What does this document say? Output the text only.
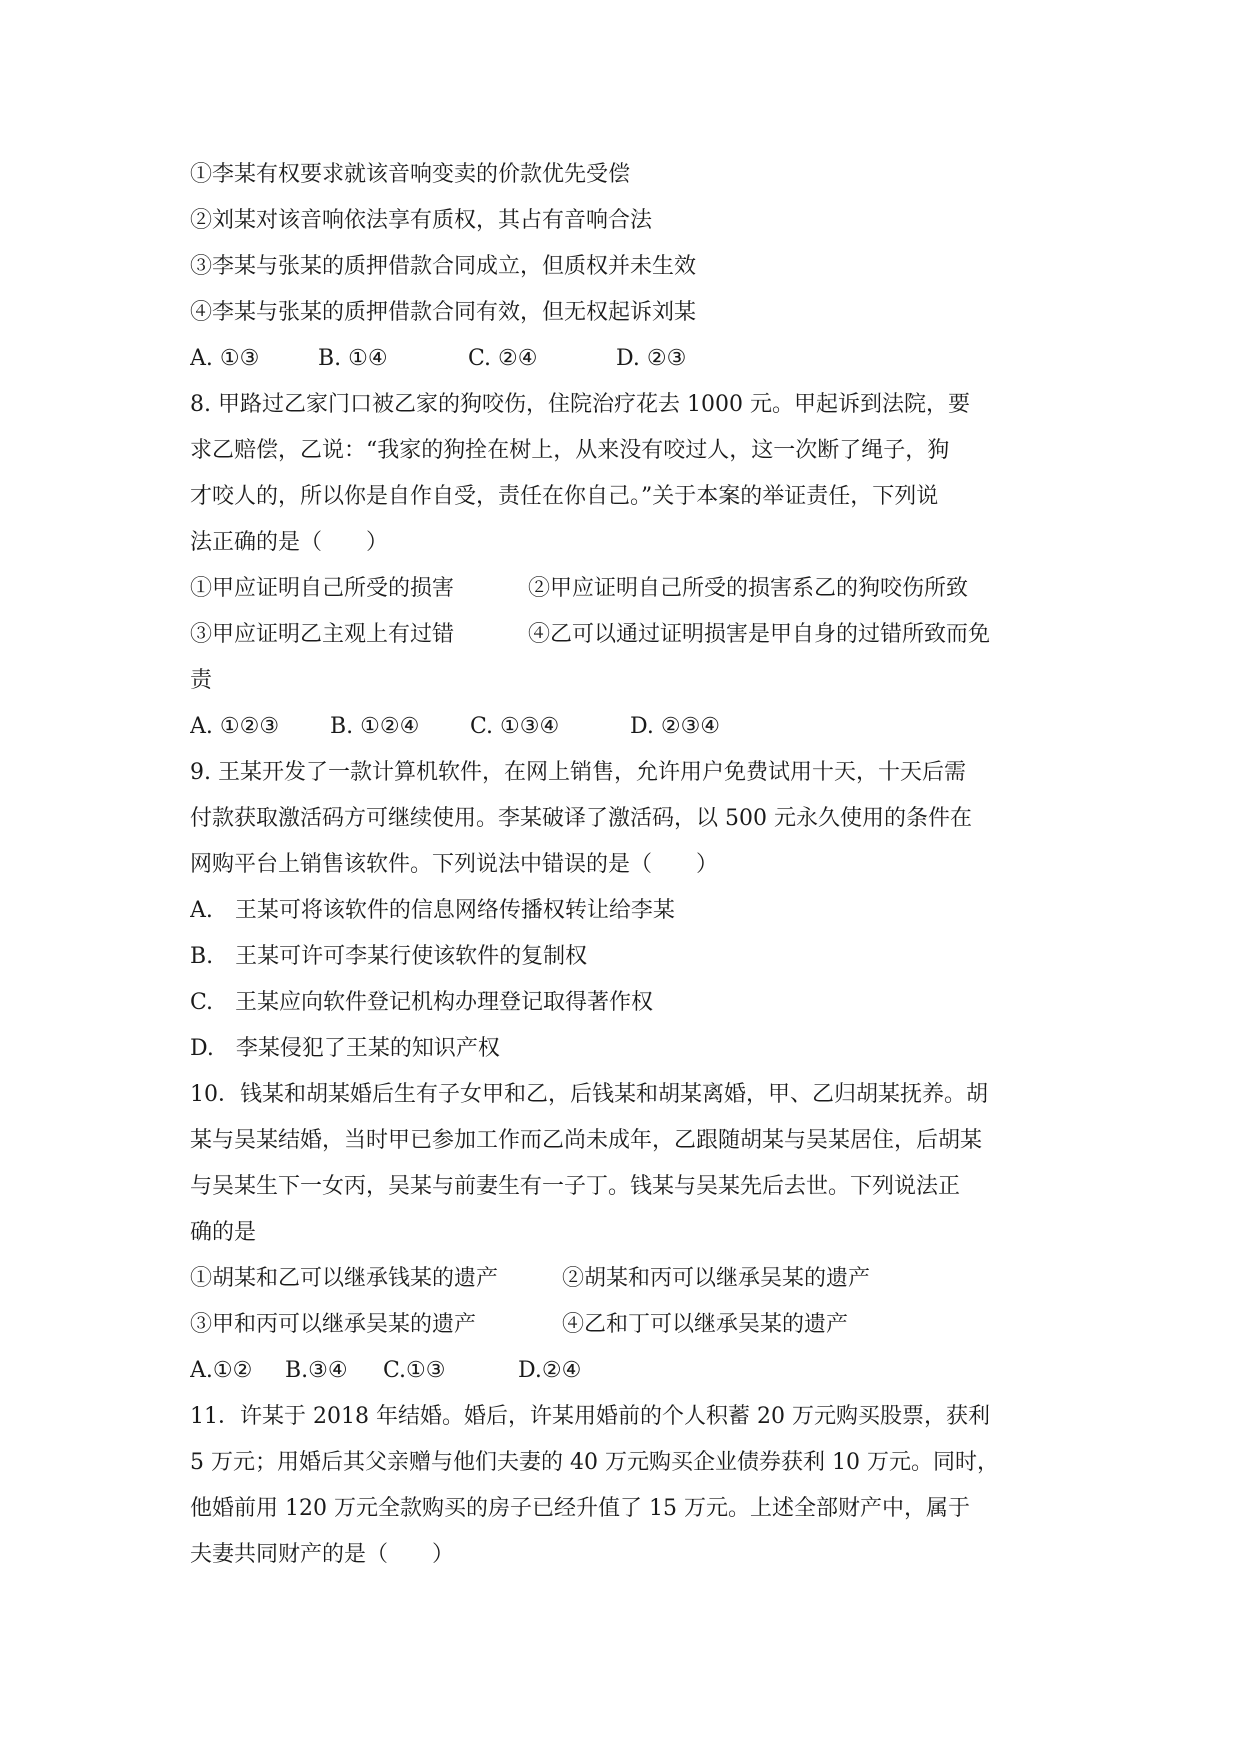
①李某有权要求就该音响变卖的价款优先受偿

②刘某对该音响依法享有质权，其占有音响合法

③李某与张某的质押借款合同成立，但质权并未生效

④李某与张某的质押借款合同有效，但无权起诉刘某

A. ①③	B. ①④	C. ②④	D. ②③

8. 甲路过乙家门口被乙家的狗咬伤，住院治疗花去 1000 元。甲起诉到法院，要

求乙赔偿，乙说：“我家的狗拴在树上，从来没有咬过人，这一次断了绳子，狗

才咬人的，所以你是自作自受，责任在你自己。”关于本案的举证责任，下列说

法正确的是（　　）

①甲应证明自己所受的损害	②甲应证明自己所受的损害系乙的狗咬伤所致

③甲应证明乙主观上有过错	④乙可以通过证明损害是甲自身的过错所致而免

责

A. ①②③ B. ①②④ C. ①③④	D. ②③④

9. 王某开发了一款计算机软件，在网上销售，允许用户免费试用十天，十天后需

付款获取激活码方可继续使用。李某破译了激活码，以 500 元永久使用的条件在

网购平台上销售该软件。下列说法中错误的是（　　）

A.　王某可将该软件的信息网络传播权转让给李某

B.　王某可许可李某行使该软件的复制权

C.　王某应向软件登记机构办理登记取得著作权

D.　李某侵犯了王某的知识产权

10．钱某和胡某婚后生有子女甲和乙，后钱某和胡某离婚，甲、乙归胡某抚养。胡

某与吴某结婚，当时甲已参加工作而乙尚未成年，乙跟随胡某与吴某居住，后胡某

与吴某生下一女丙，吴某与前妻生有一子丁。钱某与吴某先后去世。下列说法正

确的是

①胡某和乙可以继承钱某的遗产	②胡某和丙可以继承吴某的遗产

③甲和丙可以继承吴某的遗产	④乙和丁可以继承吴某的遗产

A.①② B.③④ C.①③	D.②④

11．许某于 2018 年结婚。婚后，许某用婚前的个人积蓄 20 万元购买股票，获利

5 万元；用婚后其父亲赠与他们夫妻的 40 万元购买企业债券获利 10 万元。同时，

他婚前用 120 万元全款购买的房子已经升值了 15 万元。上述全部财产中，属于

夫妻共同财产的是（　　）
